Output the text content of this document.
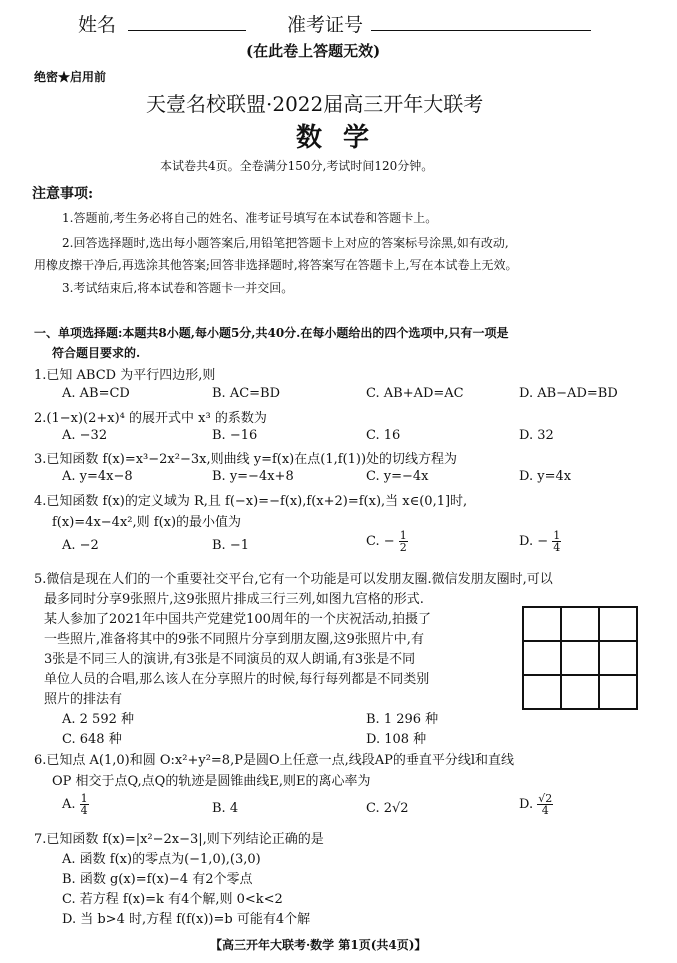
姓名	准考证号
(在此卷上答题无效)
绝密★启用前
天壹名校联盟·2022届高三开年大联考
数 学
本试卷共4页。全卷满分150分,考试时间120分钟。
注意事项:
1.答题前,考生务必将自己的姓名、准考证号填写在本试卷和答题卡上。
2.回答选择题时,选出每小题答案后,用铅笔把答题卡上对应的答案标号涂黑,如有改动,
用橡皮擦干净后,再选涂其他答案;回答非选择题时,将答案写在答题卡上,写在本试卷上无效。
3.考试结束后,将本试卷和答题卡一并交回。
一、单项选择题:本题共8小题,每小题5分,共40分.在每小题给出的四个选项中,只有一项是
符合题目要求的.
1.已知 ABCD 为平行四边形,则
A. AB=CD	B. AC=BD	C. AB+AD=AC	D. AB−AD=BD
2.(1−x)(2+x)⁴ 的展开式中 x³ 的系数为
A. −32	B. −16	C. 16	D. 32
3.已知函数 f(x)=x³−2x²−3x,则曲线 y=f(x)在点(1,f(1))处的切线方程为
A. y=4x−8	B. y=−4x+8	C. y=−4x	D. y=4x
4.已知函数 f(x)的定义域为 R,且 f(−x)=−f(x),f(x+2)=f(x),当 x∈(0,1]时,
f(x)=4x−4x²,则 f(x)的最小值为
A. −2	B. −1	C. − $\frac{1}{2}$	D. − $\frac{1}{4}$
5.微信是现在人们的一个重要社交平台,它有一个功能是可以发朋友圈.微信发朋友圈时,可以
最多同时分享9张照片,这9张照片排成三行三列,如图九宫格的形式.
某人参加了2021年中国共产党建党100周年的一个庆祝活动,拍摄了
一些照片,准备将其中的9张不同照片分享到朋友圈,这9张照片中,有
3张是不同三人的演讲,有3张是不同演员的双人朗诵,有3张是不同
单位人员的合唱,那么该人在分享照片的时候,每行每列都是不同类别
照片的排法有
A. 2 592 种	B. 1 296 种
C. 648 种	D. 108 种
6.已知点 A(1,0)和圆 O:x²+y²=8,P是圆O上任意一点,线段AP的垂直平分线l和直线
OP 相交于点Q,点Q的轨迹是圆锥曲线E,则E的离心率为
A. $\frac{1}{4}$	B. 4	C. 2√2	D. $\frac{√2}{4}$
7.已知函数 f(x)=|x²−2x−3|,则下列结论正确的是
A. 函数 f(x)的零点为(−1,0),(3,0)
B. 函数 g(x)=f(x)−4 有2个零点
C. 若方程 f(x)=k 有4个解,则 0<k<2
D. 当 b>4 时,方程 f(f(x))=b 可能有4个解
【高三开年大联考·数学 第1页(共4页)】
